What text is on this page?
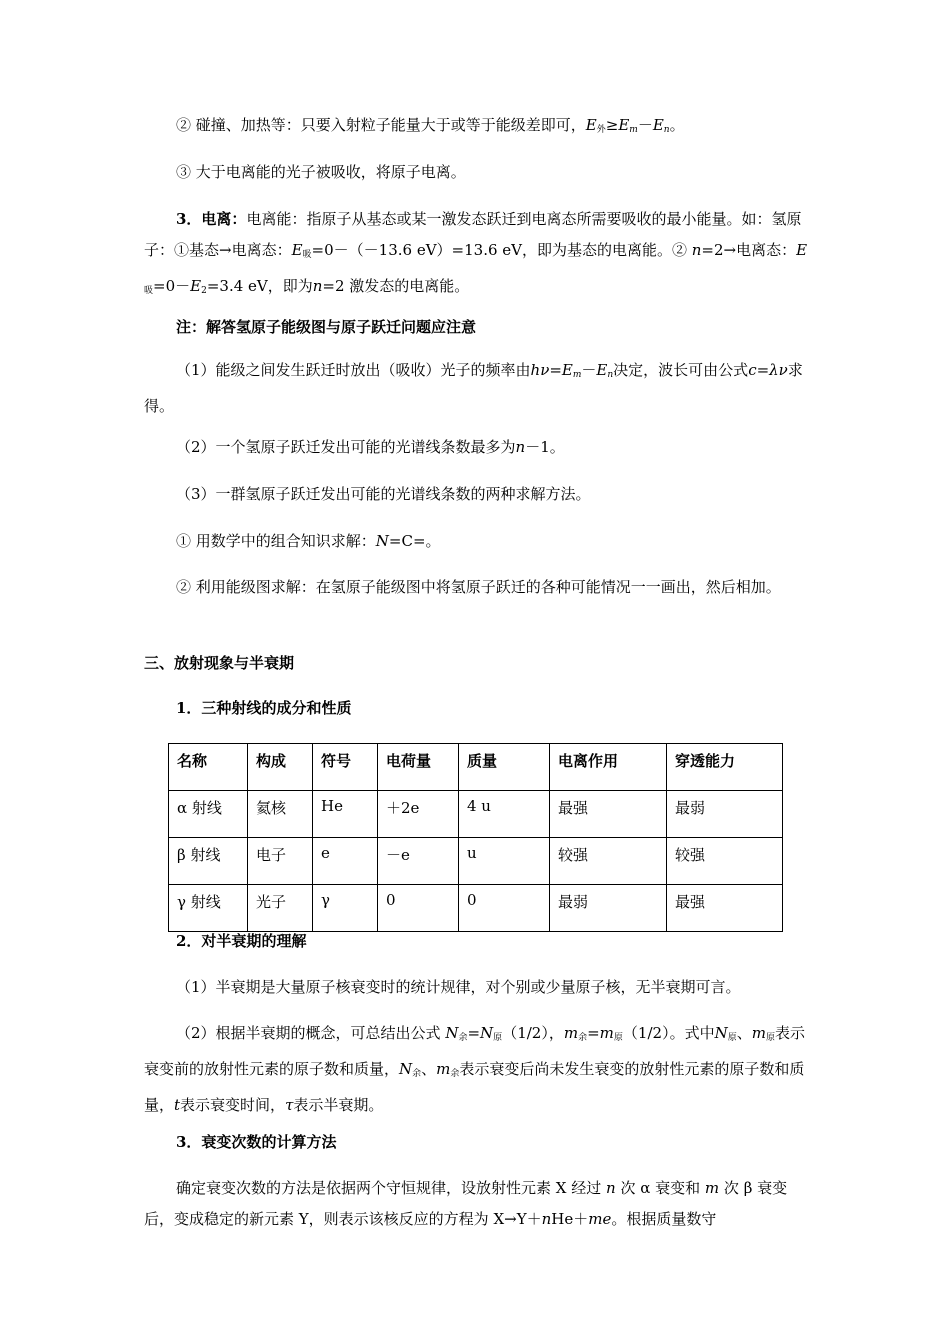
② 碰撞、加热等：只要入射粒子能量大于或等于能级差即可，$E_外\ge E_m-E_n$。

③ 大于电离能的光子被吸收，将原子电离。

3．电离：电离能：指原子从基态或某一激发态跃迁到电离态所需要吸收的最小能量。如：氢原子：①基态→电离态：$E_吸=0-(-13.6$ eV）=13.6 eV，即为基态的电离能。② n=2→电离态：$E_吸=0-E_2=3.4$ eV，即为n=2 激发态的电离能。

注：解答氢原子能级图与原子跃迁问题应注意

（1）能级之间发生跃迁时放出（吸收）光子的频率由$h\nu=E_m-E_n$决定，波长可由公式c=λν求得。

（2）一个氢原子跃迁发出可能的光谱线条数最多为n－1。

（3）一群氢原子跃迁发出可能的光谱线条数的两种求解方法。

① 用数学中的组合知识求解：N=C=。

② 利用能级图求解：在氢原子能级图中将氢原子跃迁的各种可能情况一一画出，然后相加。

三、放射现象与半衰期

1．三种射线的成分和性质

名称	构成	符号	电荷量	质量	电离作用	穿透能力
α 射线	氦核	He	＋2e	4 u	最强	最弱
β 射线	电子	e	－e	u	较强	较强
γ 射线	光子	γ	0	0	最弱	最强

2．对半衰期的理解

（1）半衰期是大量原子核衰变时的统计规律，对个别或少量原子核，无半衰期可言。

（2）根据半衰期的概念，可总结出公式 $N_余=N_原(1/2)$，$m_余=m_原(1/2)$。式中$N_原$、$m_原$表示衰变前的放射性元素的原子数和质量，$N_余$、$m_余$表示衰变后尚未发生衰变的放射性元素的原子数和质量，t表示衰变时间，τ表示半衰期。

3．衰变次数的计算方法

确定衰变次数的方法是依据两个守恒规律，设放射性元素 X 经过 n 次 α 衰变和 m 次 β 衰变后，变成稳定的新元素 Y，则表示该核反应的方程为 X→Y＋nHe＋me。根据质量数守
